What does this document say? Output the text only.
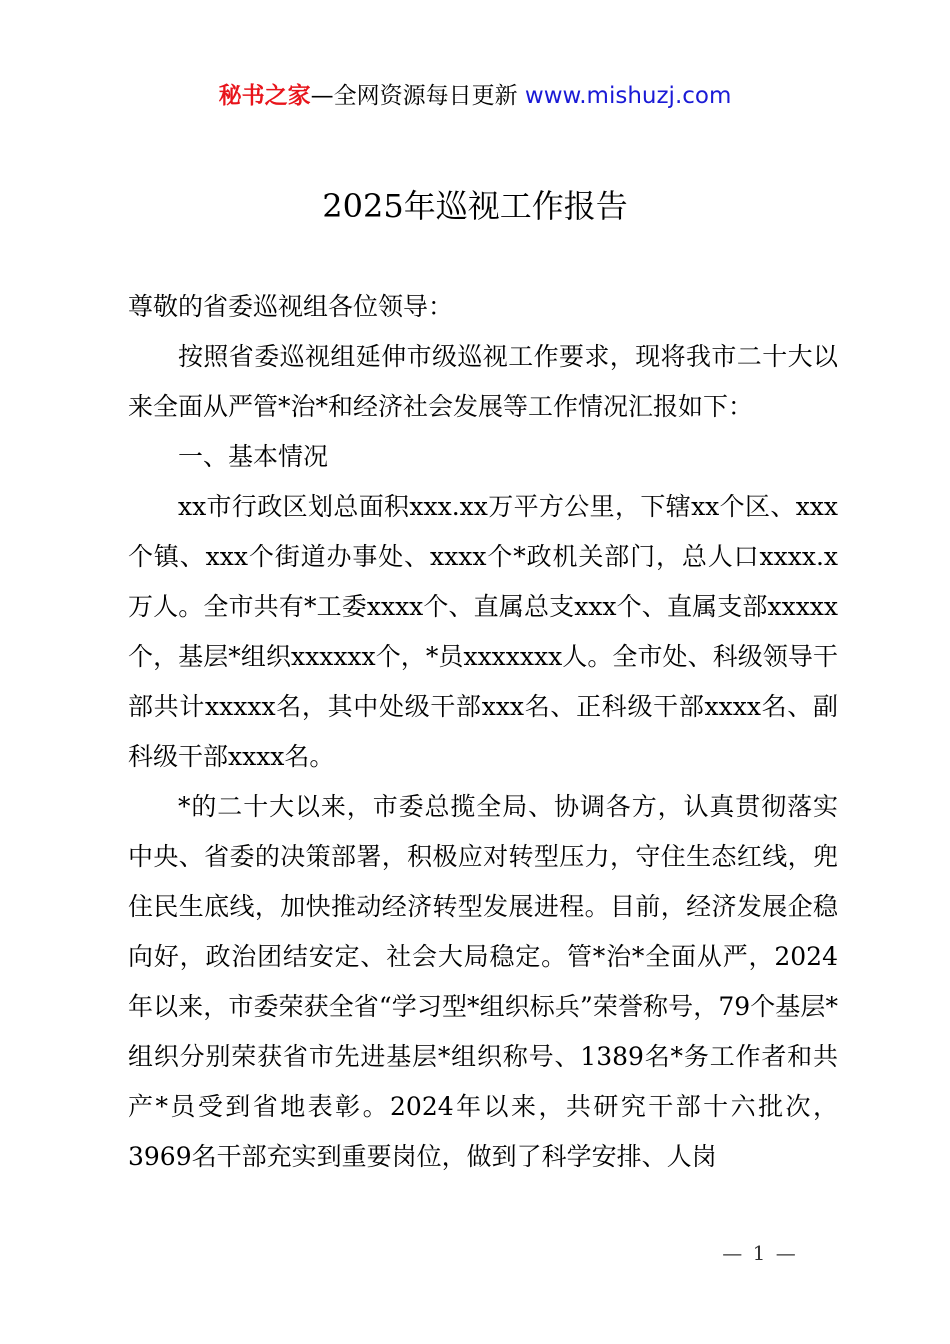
秘书之家—全网资源每日更新 www.mishuzj.com
2025年巡视工作报告

尊敬的省委巡视组各位领导：

按照省委巡视组延伸市级巡视工作要求，现将我市二十大以来全面从严管*治*和经济社会发展等工作情况汇报如下：

一、基本情况

xx市行政区划总面积xxx.xx万平方公里，下辖xx个区、xxx个镇、xxx个街道办事处、xxxx个*政机关部门，总人口xxxx.x万人。全市共有*工委xxxx个、直属总支xxx个、直属支部xxxxx个，基层*组织xxxxxx个，*员xxxxxxx人。全市处、科级领导干部共计xxxxx名，其中处级干部xxx名、正科级干部xxxx名、副科级干部xxxx名。

*的二十大以来，市委总揽全局、协调各方，认真贯彻落实中央、省委的决策部署，积极应对转型压力，守住生态红线，兜住民生底线，加快推动经济转型发展进程。目前，经济发展企稳向好，政治团结安定、社会大局稳定。管*治*全面从严，2024年以来，市委荣获全省“学习型*组织标兵”荣誉称号，79个基层*组织分别荣获省市先进基层*组织称号、1389名*务工作者和共产*员受到省地表彰。2024年以来，共研究干部十六批次，3969名干部充实到重要岗位，做到了科学安排、人岗

— 1 —
